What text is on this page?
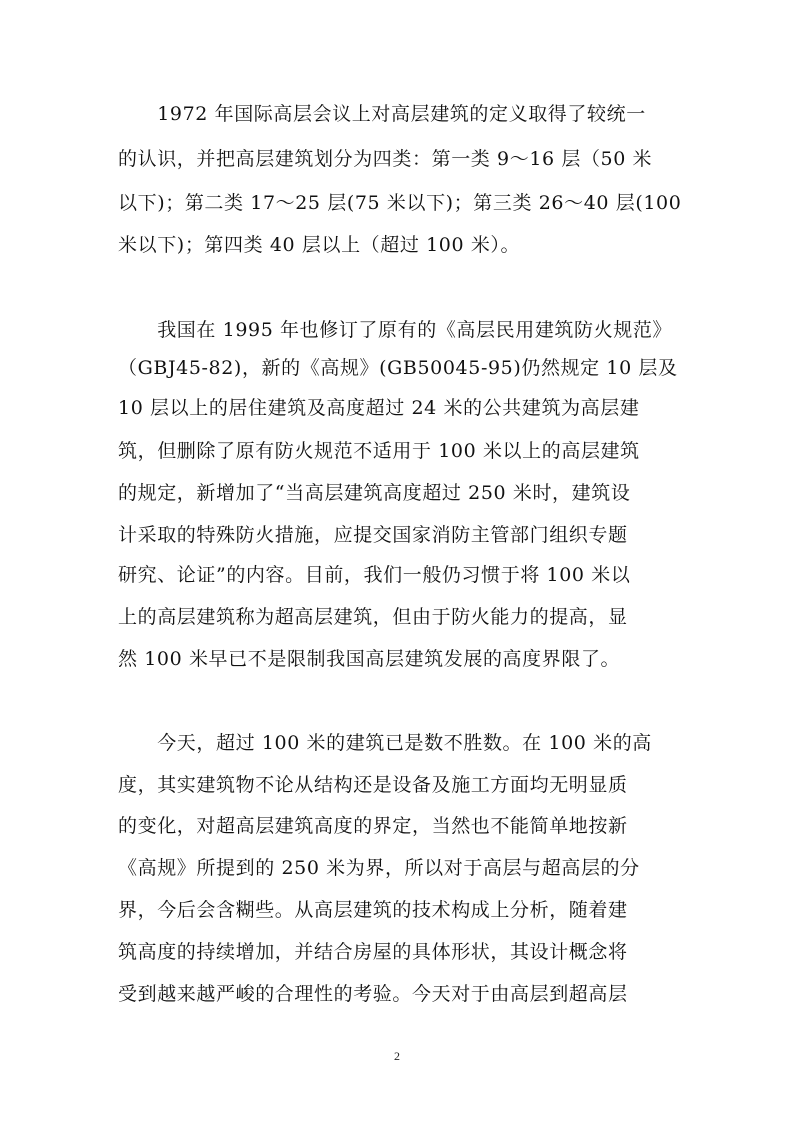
　　1972 年国际高层会议上对高层建筑的定义取得了较统一
的认识，并把高层建筑划分为四类：第一类 9～16 层（50 米
以下)；第二类 17～25 层(75 米以下)；第三类 26～40 层(100
米以下)；第四类 40 层以上（超过 100 米）。
　　我国在 1995 年也修订了原有的《高层民用建筑防火规范》
（GBJ45-82)，新的《高规》(GB50045-95)仍然规定 10 层及
10 层以上的居住建筑及高度超过 24 米的公共建筑为高层建
筑，但删除了原有防火规范不适用于 100 米以上的高层建筑
的规定，新增加了“当高层建筑高度超过 250 米时，建筑设
计采取的特殊防火措施，应提交国家消防主管部门组织专题
研究、论证”的内容。目前，我们一般仍习惯于将 100 米以
上的高层建筑称为超高层建筑，但由于防火能力的提高，显
然 100 米早已不是限制我国高层建筑发展的高度界限了。
　　今天，超过 100 米的建筑已是数不胜数。在 100 米的高
度，其实建筑物不论从结构还是设备及施工方面均无明显质
的变化，对超高层建筑高度的界定，当然也不能简单地按新
《高规》所提到的 250 米为界，所以对于高层与超高层的分
界，今后会含糊些。从高层建筑的技术构成上分析，随着建
筑高度的持续增加，并结合房屋的具体形状，其设计概念将
受到越来越严峻的合理性的考验。今天对于由高层到超高层
2
